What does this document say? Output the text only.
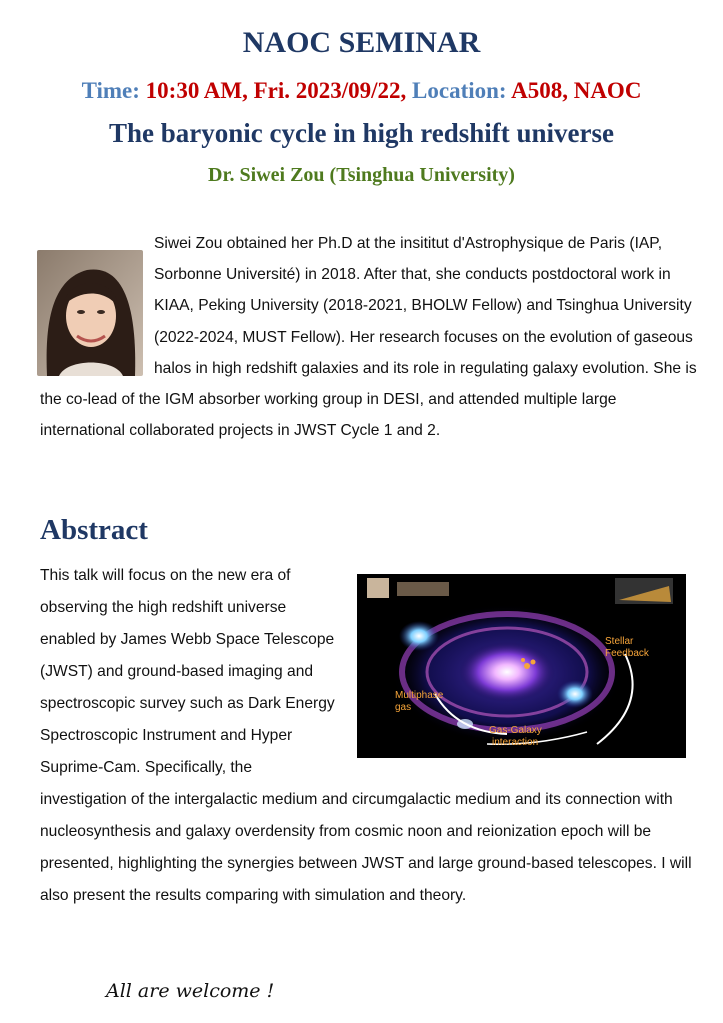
NAOC SEMINAR
Time: 10:30 AM, Fri. 2023/09/22, Location: A508, NAOC
The baryonic cycle in high redshift universe
Dr. Siwei Zou (Tsinghua University)
Siwei Zou obtained her Ph.D at the insititut d'Astrophysique de Paris (IAP, Sorbonne Université) in 2018. After that, she conducts postdoctoral work in KIAA, Peking University (2018-2021, BHOLW Fellow) and Tsinghua University (2022-2024, MUST Fellow). Her research focuses on the evolution of gaseous halos in high redshift galaxies and its role in regulating galaxy evolution. She is the co-lead of the IGM absorber working group in DESI, and attended multiple large international collaborated projects in JWST Cycle 1 and 2.
Abstract
Stellar
Feedback
Multiphase
gas
Gas-Galaxy
interaction
This talk will focus on the new era of observing the high redshift universe enabled by James Webb Space Telescope (JWST) and ground-based imaging and spectroscopic survey such as Dark Energy Spectroscopic Instrument and Hyper Suprime-Cam. Specifically, the investigation of the intergalactic medium and circumgalactic medium and its connection with nucleosynthesis and galaxy overdensity from cosmic noon and reionization epoch will be presented, highlighting the synergies between JWST and large ground-based telescopes. I will also present the results comparing with simulation and theory.
All are welcome !
